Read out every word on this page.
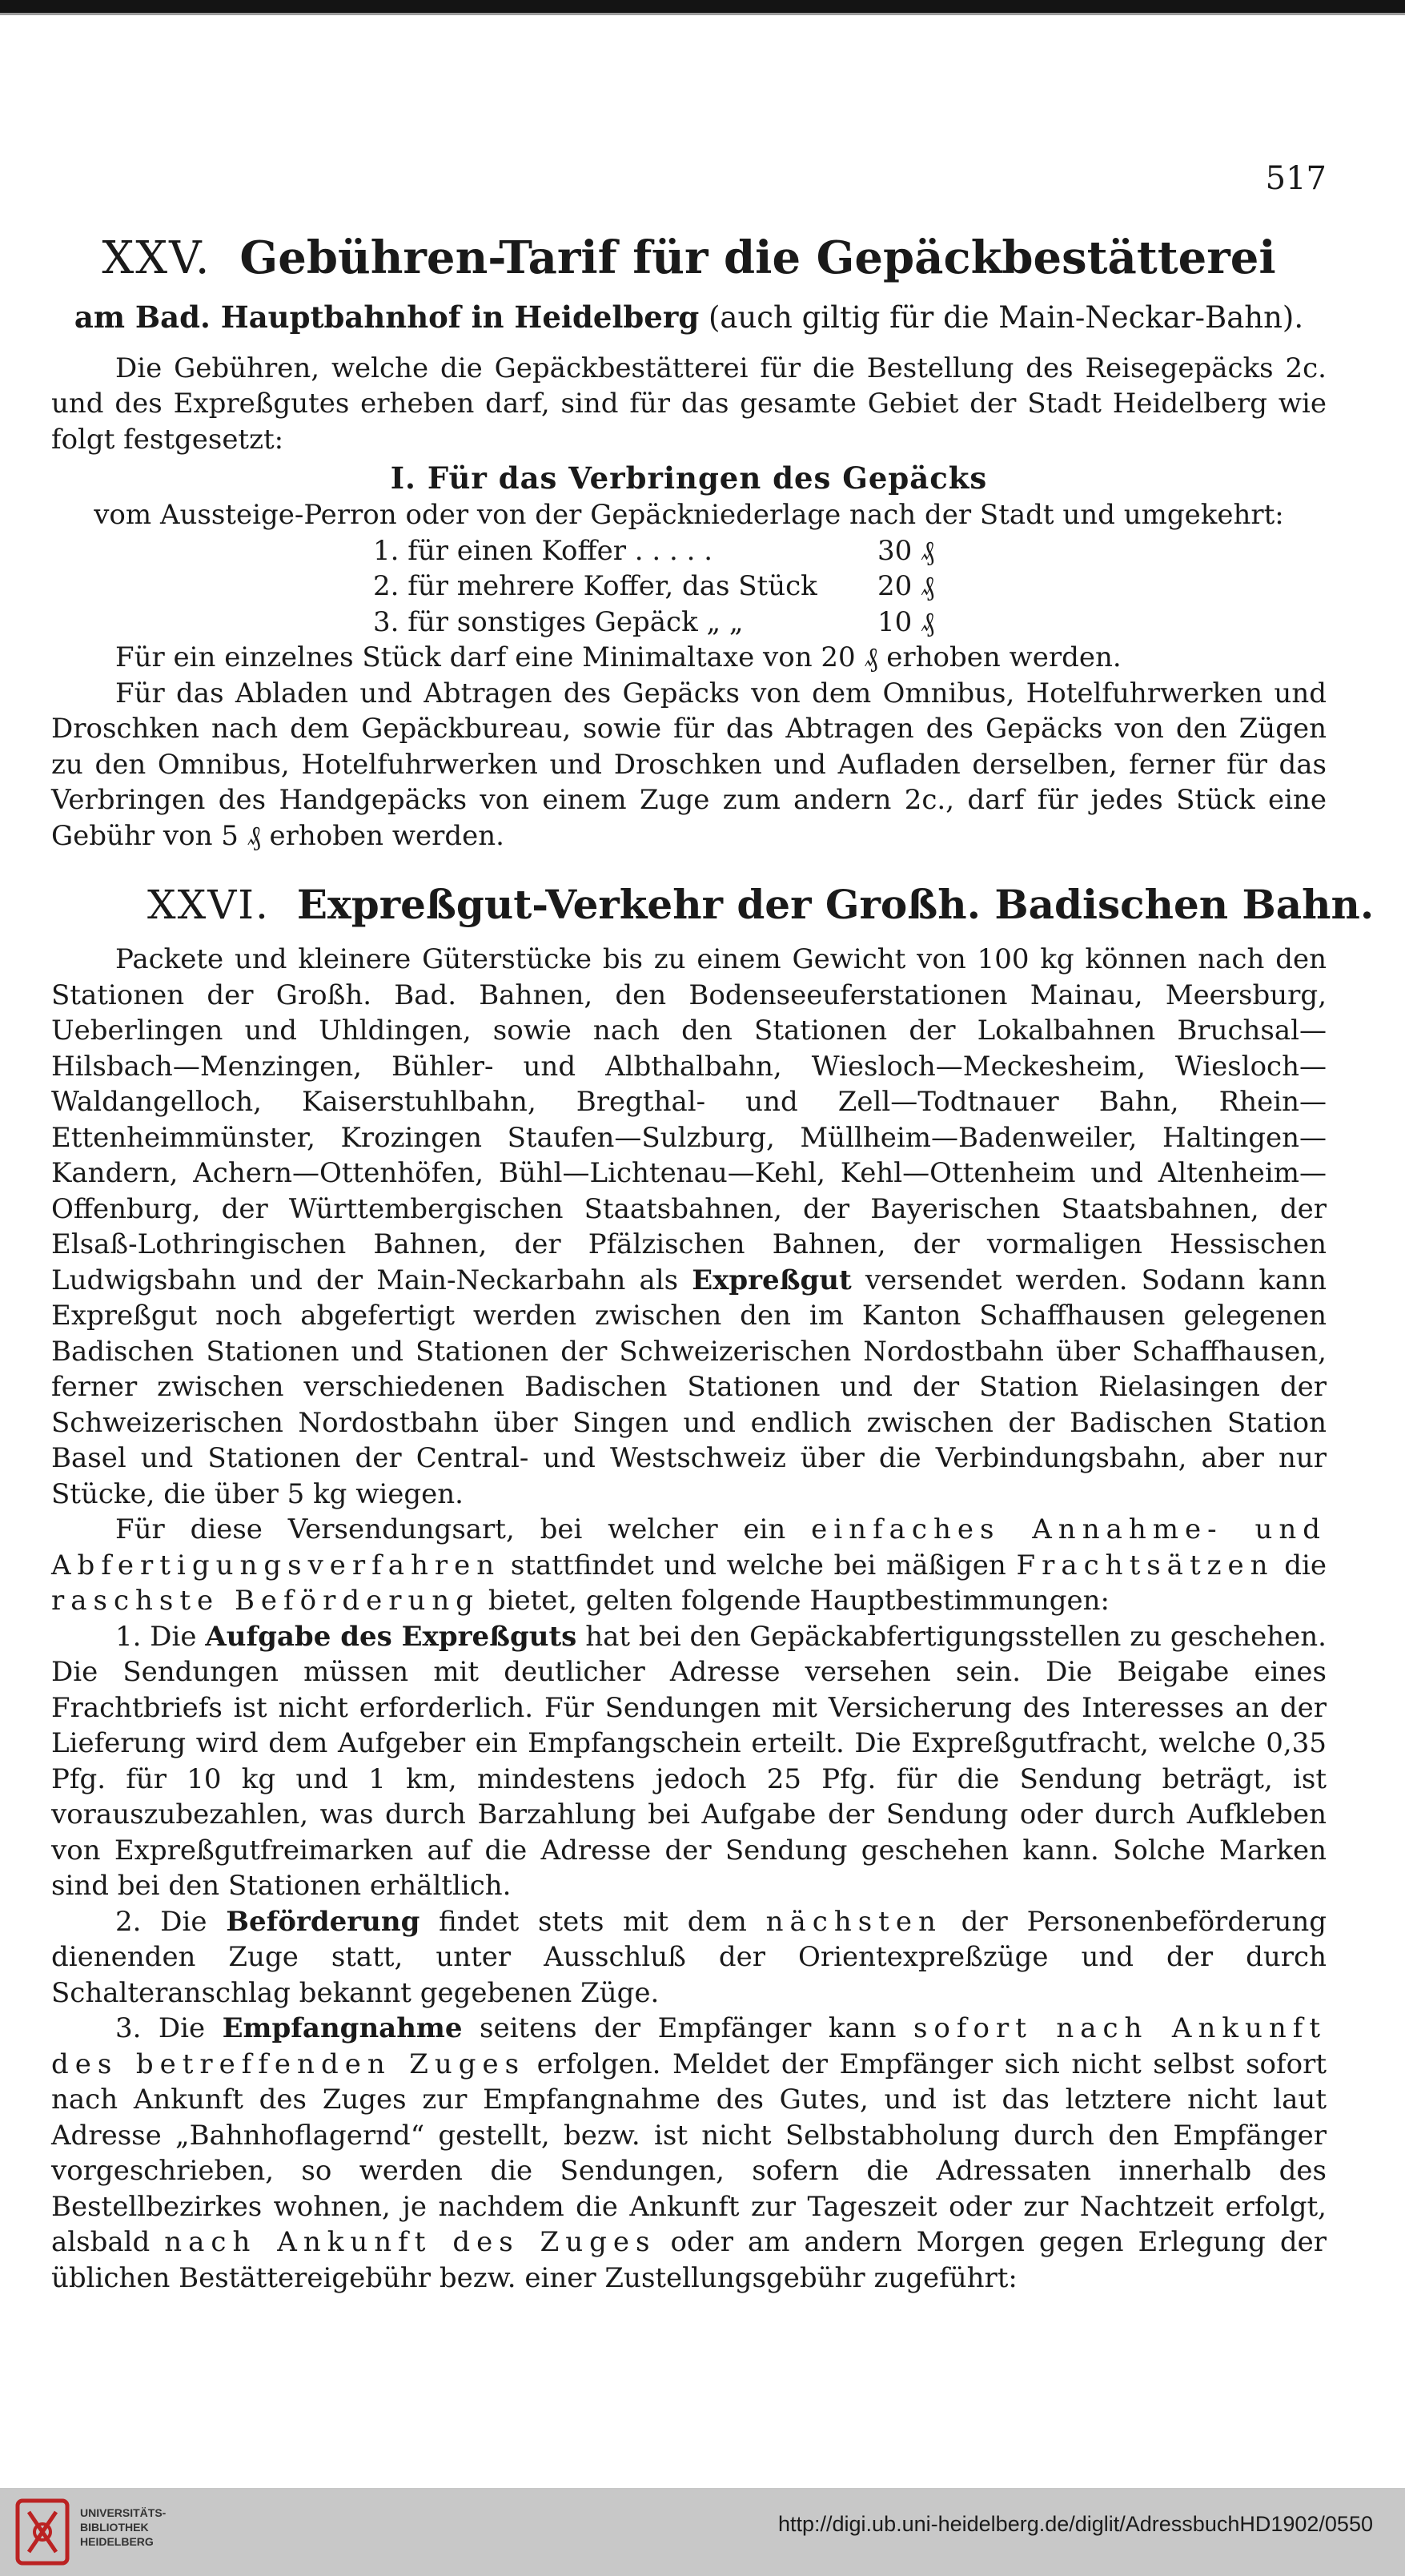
517
XXV. Gebühren-Tarif für die Gepäckbestätterei
am Bad. Hauptbahnhof in Heidelberg (auch giltig für die Main-Neckar-Bahn).

Die Gebühren, welche die Gepäckbestätterei für die Bestellung des Reisegepäcks 2c. und des Expreßgutes erheben darf, sind für das gesamte Gebiet der Stadt Heidelberg wie folgt festgesetzt:

I. Für das Verbringen des Gepäcks

vom Aussteige-Perron oder von der Gepäckniederlage nach der Stadt und umgekehrt:

1. für einen Koffer . . . . .	30 ₰
2. für mehrere Koffer, das Stück	20 ₰
3. für sonstiges Gepäck „ „	10 ₰

Für ein einzelnes Stück darf eine Minimaltaxe von 20 ₰ erhoben werden.

Für das Abladen und Abtragen des Gepäcks von dem Omnibus, Hotelfuhrwerken und Droschken nach dem Gepäckbureau, sowie für das Abtragen des Gepäcks von den Zügen zu den Omnibus, Hotelfuhrwerken und Droschken und Aufladen derselben, ferner für das Verbringen des Handgepäcks von einem Zuge zum andern 2c., darf für jedes Stück eine Gebühr von 5 ₰ erhoben werden.

XXVI. Expreßgut-Verkehr der Großh. Badischen Bahn.

Packete und kleinere Güterstücke bis zu einem Gewicht von 100 kg können nach den Stationen der Großh. Bad. Bahnen, den Bodenseeuferstationen Mainau, Meersburg, Ueberlingen und Uhldingen, sowie nach den Stationen der Lokalbahnen Bruchsal—Hilsbach—Menzingen, Bühler- und Albthalbahn, Wiesloch—Meckesheim, Wiesloch—Waldangelloch, Kaiserstuhlbahn, Bregthal- und Zell—Todtnauer Bahn, Rhein—Ettenheimmünster, Krozingen Staufen—Sulzburg, Müllheim—Badenweiler, Haltingen—Kandern, Achern—Ottenhöfen, Bühl—Lichtenau—Kehl, Kehl—Ottenheim und Altenheim—Offenburg, der Württembergischen Staatsbahnen, der Bayerischen Staatsbahnen, der Elsaß-Lothringischen Bahnen, der Pfälzischen Bahnen, der vormaligen Hessischen Ludwigsbahn und der Main-Neckarbahn als Expreßgut versendet werden. Sodann kann Expreßgut noch abgefertigt werden zwischen den im Kanton Schaffhausen gelegenen Badischen Stationen und Stationen der Schweizerischen Nordostbahn über Schaffhausen, ferner zwischen verschiedenen Badischen Stationen und der Station Rielasingen der Schweizerischen Nordostbahn über Singen und endlich zwischen der Badischen Station Basel und Stationen der Central- und Westschweiz über die Verbindungsbahn, aber nur Stücke, die über 5 kg wiegen.

Für diese Versendungsart, bei welcher ein einfaches Annahme- und Abfertigungsverfahren stattfindet und welche bei mäßigen Frachtsätzen die raschste Beförderung bietet, gelten folgende Hauptbestimmungen:

1. Die Aufgabe des Expreßguts hat bei den Gepäckabfertigungsstellen zu geschehen. Die Sendungen müssen mit deutlicher Adresse versehen sein. Die Beigabe eines Frachtbriefs ist nicht erforderlich. Für Sendungen mit Versicherung des Interesses an der Lieferung wird dem Aufgeber ein Empfangschein erteilt. Die Expreßgutfracht, welche 0,35 Pfg. für 10 kg und 1 km, mindestens jedoch 25 Pfg. für die Sendung beträgt, ist vorauszubezahlen, was durch Barzahlung bei Aufgabe der Sendung oder durch Aufkleben von Expreßgutfreimarken auf die Adresse der Sendung geschehen kann. Solche Marken sind bei den Stationen erhältlich.

2. Die Beförderung findet stets mit dem nächsten der Personenbeförderung dienenden Zuge statt, unter Ausschluß der Orientexpreßzüge und der durch Schalteranschlag bekannt gegebenen Züge.

3. Die Empfangnahme seitens der Empfänger kann sofort nach Ankunft des betreffenden Zuges erfolgen. Meldet der Empfänger sich nicht selbst sofort nach Ankunft des Zuges zur Empfangnahme des Gutes, und ist das letztere nicht laut Adresse „Bahnhoflagernd“ gestellt, bezw. ist nicht Selbstabholung durch den Empfänger vorgeschrieben, so werden die Sendungen, sofern die Adressaten innerhalb des Bestellbezirkes wohnen, je nachdem die Ankunft zur Tageszeit oder zur Nachtzeit erfolgt, alsbald nach Ankunft des Zuges oder am andern Morgen gegen Erlegung der üblichen Bestättereigebühr bezw. einer Zustellungsgebühr zugeführt:

UNIVERSITÄTS-
BIBLIOTHEK
HEIDELBERG
http://digi.ub.uni-heidelberg.de/diglit/AdressbuchHD1902/0550
